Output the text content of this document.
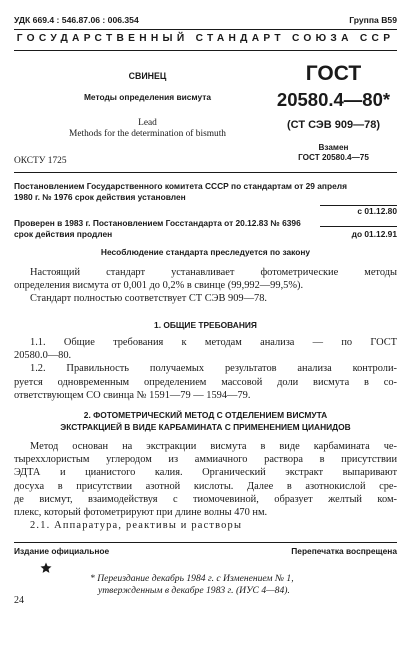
УДК 669.4 : 546.87.06 : 006.354	Группа В59
ГОСУДАРСТВЕННЫЙ СТАНДАРТ СОЮЗА ССР
СВИНЕЦ
Методы определения висмута
Lead
Methods for the determination of bismuth
ГОСТ
20580.4—80*
(СТ СЭВ 909—78)
Взамен
ГОСТ 20580.4—75
ОКСТУ 1725
Постановлением Государственного комитета СССР по стандартам от 29 апреля
1980 г. № 1976 срок действия установлен
с 01.12.80
Проверен в 1983 г. Постановлением Госстандарта от 20.12.83 № 6396
срок действия продлен	до 01.12.91
Несоблюдение стандарта преследуется по закону
Настоящий стандарт устанавливает фотометрические методы
определения висмута от 0,001 до 0,2% в свинце (99,992—99,5%).
Стандарт полностью соответствует СТ СЭВ 909—78.
1. ОБЩИЕ ТРЕБОВАНИЯ
1.1. Общие требования к методам анализа — по ГОСТ
20580.0—80.
1.2. Правильность получаемых результатов анализа контроли-
руется одновременным определением массовой доли висмута в со-
ответствующем СО свинца № 1591—79 — 1594—79.
2. ФОТОМЕТРИЧЕСКИЙ МЕТОД С ОТДЕЛЕНИЕМ ВИСМУТА
ЭКСТРАКЦИЕЙ В ВИДЕ КАРБАМИНАТА С ПРИМЕНЕНИЕМ ЦИАНИДОВ
Метод основан на экстракции висмута в виде карбамината че-
тыреххлористым углеродом из аммиачного раствора в присутствии
ЭДТА и цианистого калия. Органический экстракт выпаривают
досуха в присутствии азотной кислоты. Далее в азотнокислой сре-
де висмут, взаимодействуя с тиомочевиной, образует желтый ком-
плекс, который фотометрируют при длине волны 470 нм.
2.1. Аппаратура, реактивы и растворы
Издание официальное	Перепечатка воспрещена
* Переиздание декабрь 1984 г. с Изменением № 1,
утвержденным в декабре 1983 г. (ИУС 4—84).
24
